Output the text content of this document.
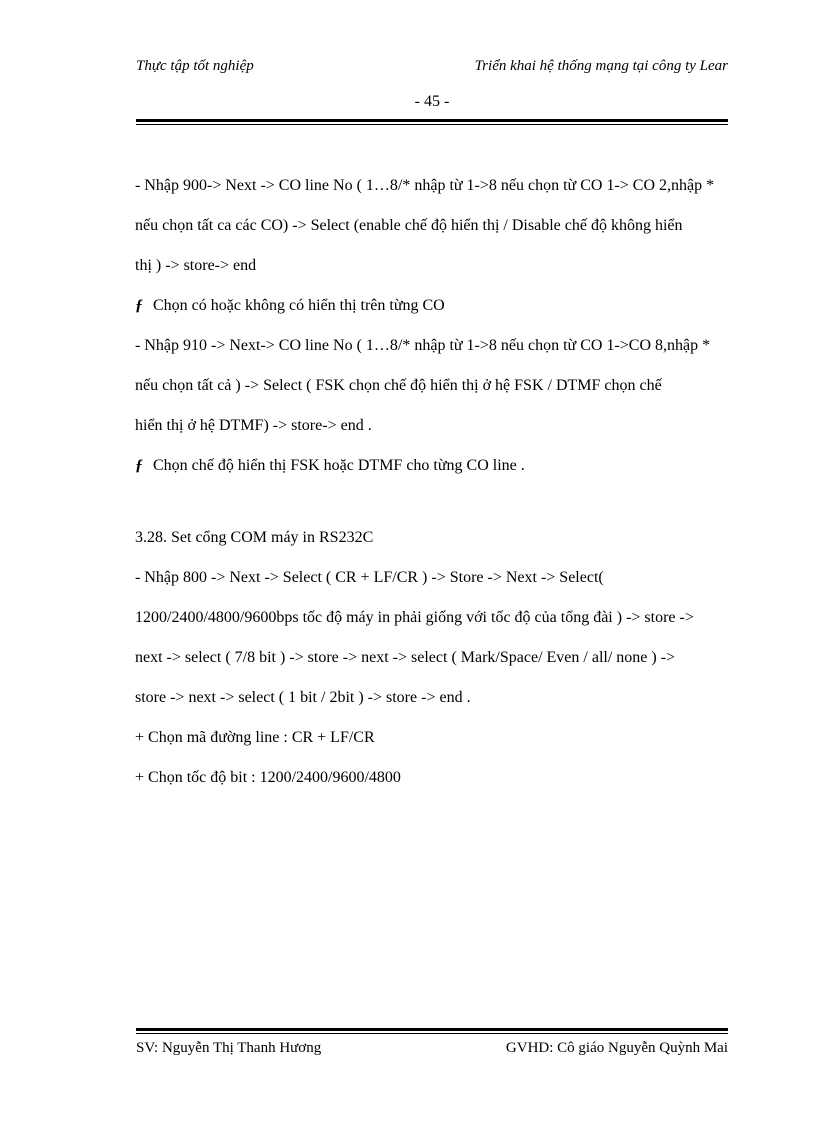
Thực tập tốt nghiệp	Triển khai hệ thống mạng tại công ty Lear
- 45 -

- Nhập 900-> Next -> CO line No ( 1…8/* nhập từ 1->8 nếu chọn từ CO 1-> CO 2,nhập *

nếu chọn tất ca các CO) -> Select (enable chế độ hiển thị / Disable chế độ không hiển

thị ) -> store-> end

ƒ Chọn có hoặc không có hiển thị trên từng CO

- Nhập 910 -> Next-> CO line No ( 1…8/* nhập từ 1->8 nếu chọn từ CO 1->CO 8,nhập *

nếu chọn tất cả ) -> Select ( FSK chọn chế độ hiển thị ở hệ FSK / DTMF chọn chế

hiển thị ở hệ DTMF) -> store-> end .

ƒ Chọn chế độ hiển thị FSK hoặc DTMF cho từng CO line .

3.28. Set cổng COM máy in RS232C

- Nhập 800 -> Next -> Select ( CR + LF/CR ) -> Store -> Next -> Select(

1200/2400/4800/9600bps tốc độ máy in phải giống với tốc độ của tổng đài ) -> store ->

next -> select ( 7/8 bit ) -> store -> next -> select ( Mark/Space/ Even / all/ none ) ->

store -> next -> select ( 1 bit / 2bit ) -> store -> end .

+ Chọn mã đường line : CR + LF/CR

+ Chọn tốc độ bit : 1200/2400/9600/4800

SV: Nguyễn Thị Thanh Hương	GVHD: Cô giáo Nguyễn Quỳnh Mai
